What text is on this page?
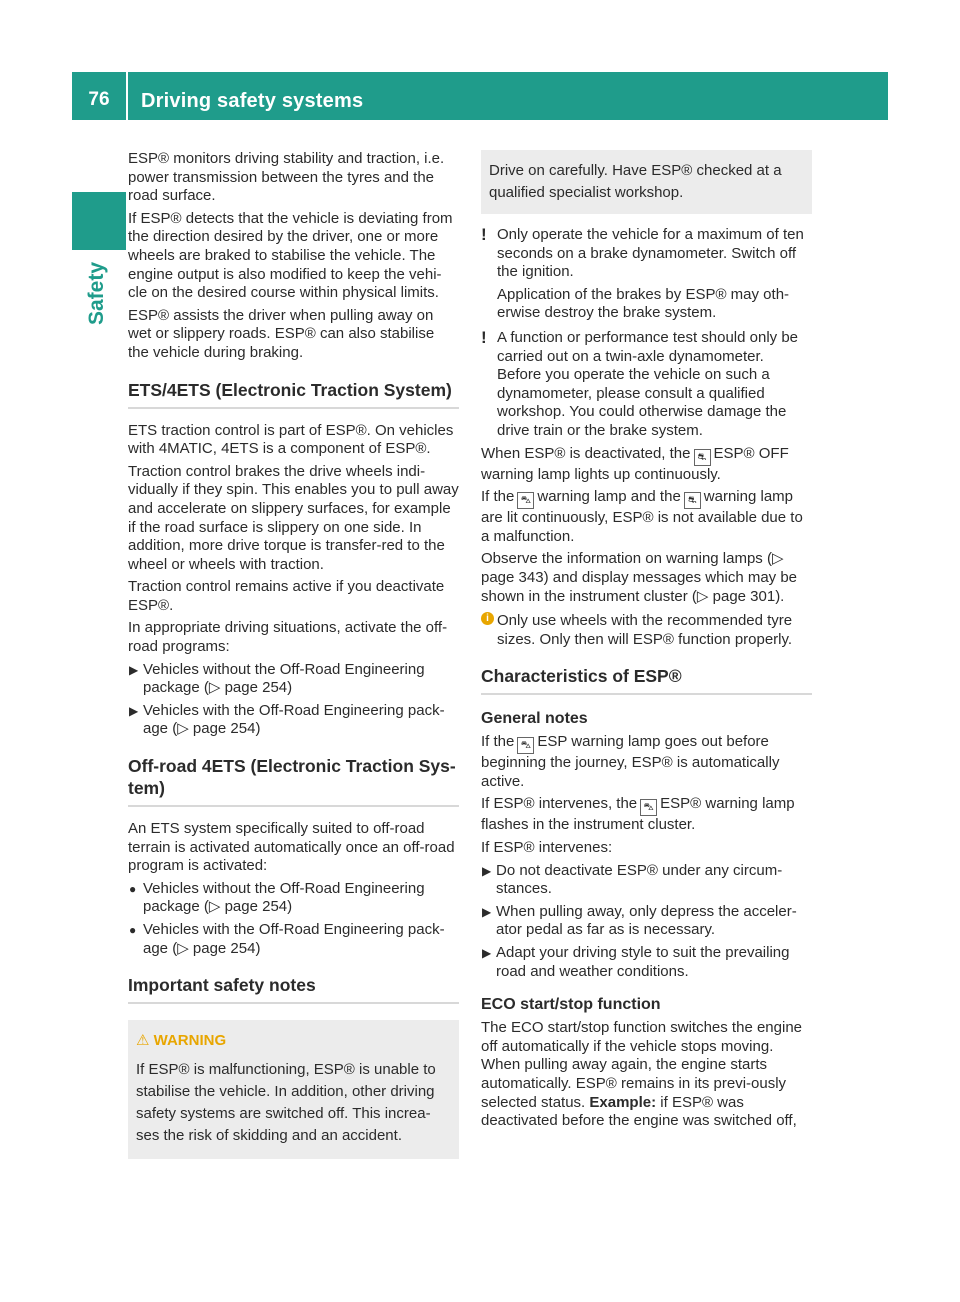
76	Driving safety systems
Safety

ESP® monitors driving stability and traction, i.e. power transmission between the tyres and the road surface.

If ESP® detects that the vehicle is deviating from the direction desired by the driver, one or more wheels are braked to stabilise the vehicle. The engine output is also modified to keep the vehi-cle on the desired course within physical limits.

ESP® assists the driver when pulling away on wet or slippery roads. ESP® can also stabilise the vehicle during braking.

ETS/4ETS (Electronic Traction System)

ETS traction control is part of ESP®. On vehicles with 4MATIC, 4ETS is a component of ESP®.

Traction control brakes the drive wheels indi-vidually if they spin. This enables you to pull away and accelerate on slippery surfaces, for example if the road surface is slippery on one side. In addition, more drive torque is transfer-red to the wheel or wheels with traction.

Traction control remains active if you deactivate ESP®.

In appropriate driving situations, activate the off-road programs:

▶ Vehicles without the Off-Road Engineering package (▷ page 254)
▶ Vehicles with the Off-Road Engineering pack-age (▷ page 254)
Off-road 4ETS (Electronic Traction Sys-tem)

An ETS system specifically suited to off-road terrain is activated automatically once an off-road program is activated:

● Vehicles without the Off-Road Engineering package (▷ page 254)
● Vehicles with the Off-Road Engineering pack-age (▷ page 254)
Important safety notes
⚠ WARNING
If ESP® is malfunctioning, ESP® is unable to stabilise the vehicle. In addition, other driving safety systems are switched off. This increa-ses the risk of skidding and an accident.
Drive on carefully. Have ESP® checked at a qualified specialist workshop.
! Only operate the vehicle for a maximum of ten seconds on a brake dynamometer. Switch off the ignition.
Application of the brakes by ESP® may oth-erwise destroy the brake system.
! A function or performance test should only be carried out on a twin-axle dynamometer. Before you operate the vehicle on such a dynamometer, please consult a qualified workshop. You could otherwise damage the drive train or the brake system.

When ESP® is deactivated, the ⛐ ESP® OFF warning lamp lights up continuously.

If the ⛍ warning lamp and the ⛐ warning lamp are lit continuously, ESP® is not available due to a malfunction.

Observe the information on warning lamps (▷ page 343) and display messages which may be shown in the instrument cluster (▷ page 301).

i Only use wheels with the recommended tyre sizes. Only then will ESP® function properly.
Characteristics of ESP®
General notes

If the ⛍ ESP warning lamp goes out before beginning the journey, ESP® is automatically active.

If ESP® intervenes, the ⛍ ESP® warning lamp flashes in the instrument cluster.

If ESP® intervenes:

▶ Do not deactivate ESP® under any circum-stances.
▶ When pulling away, only depress the acceler-ator pedal as far as is necessary.
▶ Adapt your driving style to suit the prevailing road and weather conditions.
ECO start/stop function

The ECO start/stop function switches the engine off automatically if the vehicle stops moving. When pulling away again, the engine starts automatically. ESP® remains in its previ-ously selected status. Example: if ESP® was deactivated before the engine was switched off,
